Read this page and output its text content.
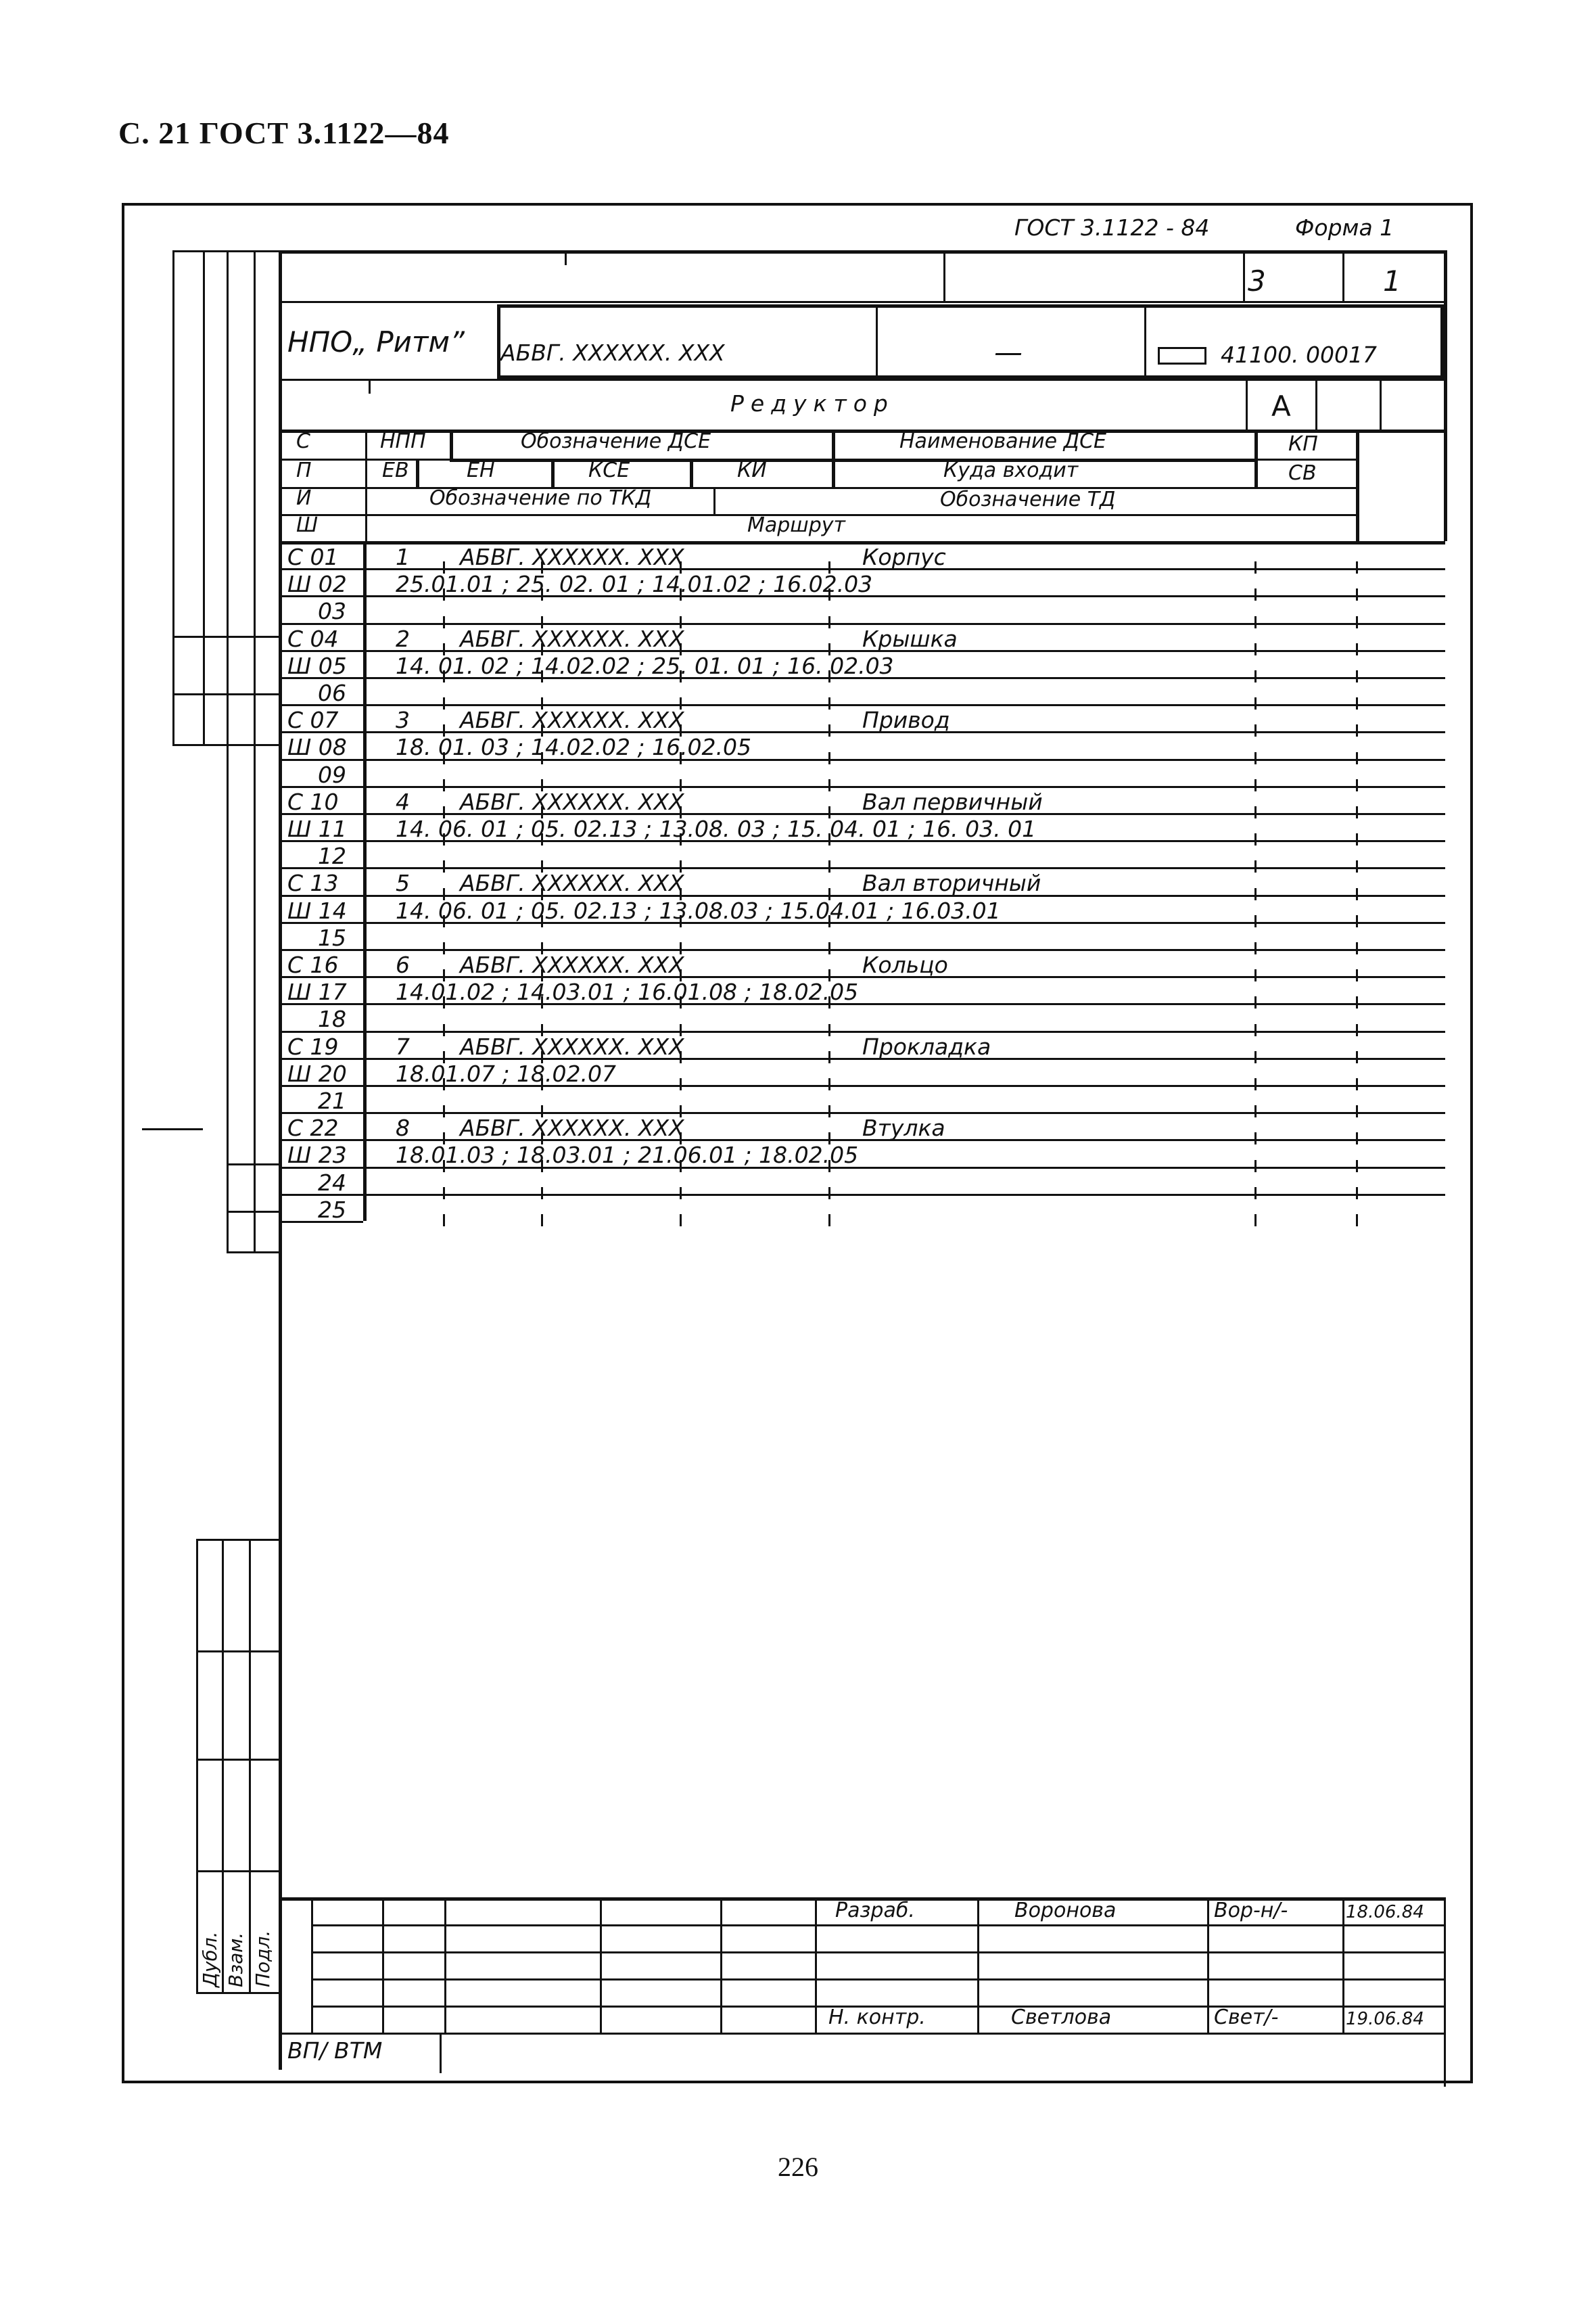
С. 21 ГОСТ 3.1122—84
226
Дубл. Взам. Подл.
ГОСТ 3.1122 - 84	Форма 1
3	1
НПО„ Ритм” АБВГ. ХХХХХХ. ХХХ	—	41100. 00017
Редуктор	А
С	НПП	Обозначение ДСЕ	Наименование ДСЕ	КП
П	ЕВ	ЕН	КСЕ	КИ	Куда входит	СВ
И	Обозначение по ТКД	Обозначение ТД
Ш	Маршрут
С 01	1 АБВГ. ХХХХХХ. ХХХ	Корпус
Ш 02 25.01.01 ; 25. 02. 01 ; 14.01.02 ; 16.02.03
03
С 04	2 АБВГ. ХХХХХХ. ХХХ	Крышка
Ш 05 14. 01. 02 ; 14.02.02 ; 25. 01. 01 ; 16. 02.03
06
С 07	3 АБВГ. ХХХХХХ. ХХХ	Привод
Ш 08 18. 01. 03 ; 14.02.02 ; 16.02.05
09
С 10	4 АБВГ. ХХХХХХ. ХХХ	Вал первичный
Ш 11 14. 06. 01 ; 05. 02.13 ; 13.08. 03 ; 15. 04. 01 ; 16. 03. 01
12
С 13	5 АБВГ. ХХХХХХ. ХХХ	Вал вторичный
Ш 14 14. 06. 01 ; 05. 02.13 ; 13.08.03 ; 15.04.01 ; 16.03.01
15
С 16	6 АБВГ. ХХХХХХ. ХХХ	Кольцо
Ш 17 14.01.02 ; 14.03.01 ; 16.01.08 ; 18.02.05
18
С 19	7 АБВГ. ХХХХХХ. ХХХ	Прокладка
Ш 20 18.01.07 ; 18.02.07
21
С 22	8 АБВГ. ХХХХХХ. ХХХ	Втулка
Ш 23 18.01.03 ; 18.03.01 ; 21.06.01 ; 18.02.05
24
25
Разраб.	Воронова	Вор-н/-	18.06.84
Н. контр.	Светлова	Свет/-	19.06.84
ВП/ ВТМ
